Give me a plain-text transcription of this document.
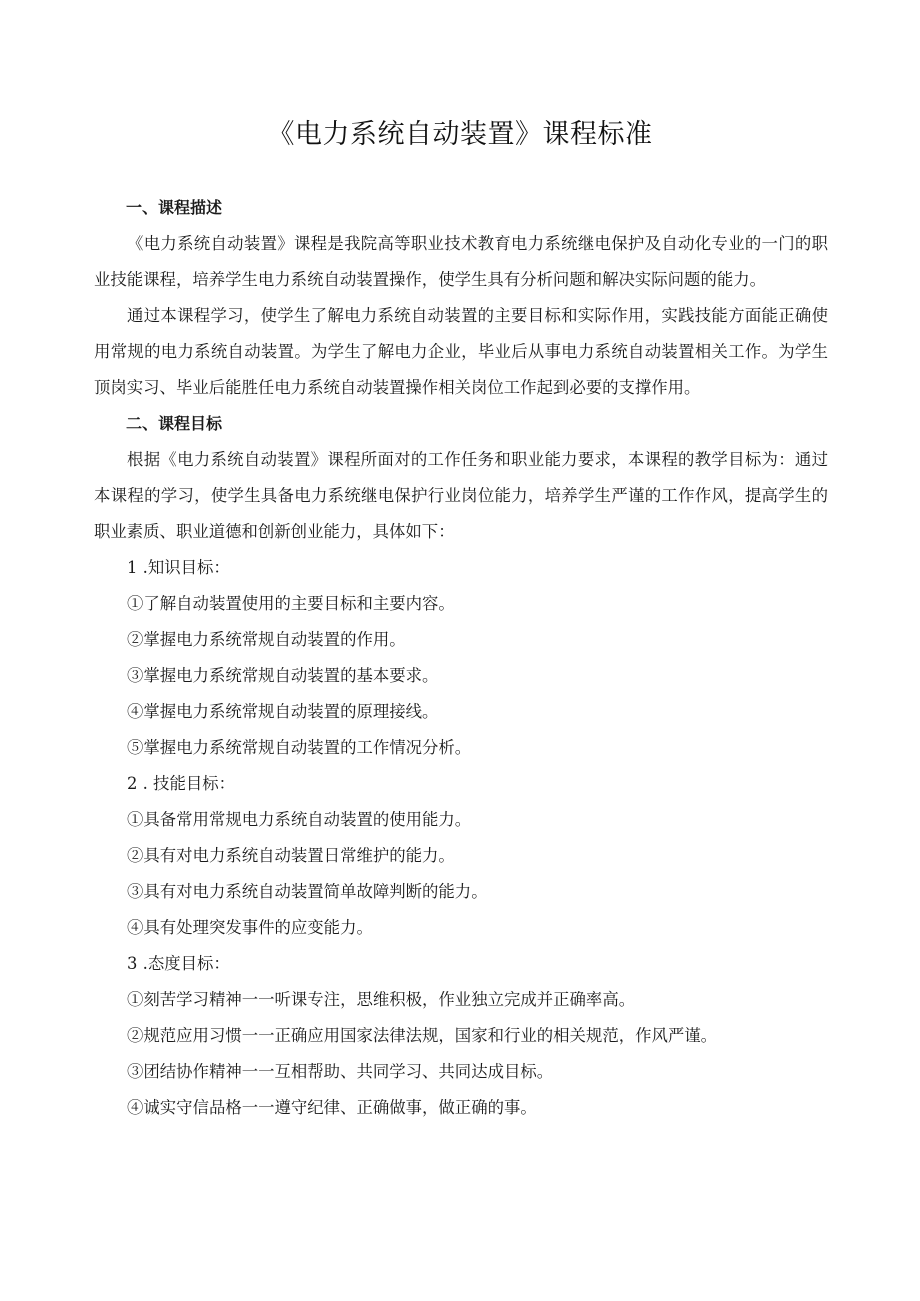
《电力系统自动装置》课程标准

一、课程描述

《电力系统自动装置》课程是我院高等职业技术教育电力系统继电保护及自动化专业的一门的职业技能课程，培养学生电力系统自动装置操作，使学生具有分析问题和解决实际问题的能力。

通过本课程学习，使学生了解电力系统自动装置的主要目标和实际作用，实践技能方面能正确使用常规的电力系统自动装置。为学生了解电力企业，毕业后从事电力系统自动装置相关工作。为学生顶岗实习、毕业后能胜任电力系统自动装置操作相关岗位工作起到必要的支撑作用。

二、课程目标

根据《电力系统自动装置》课程所面对的工作任务和职业能力要求，本课程的教学目标为：通过本课程的学习，使学生具备电力系统继电保护行业岗位能力，培养学生严谨的工作作风，提高学生的职业素质、职业道德和创新创业能力，具体如下：

1 .知识目标：

①了解自动装置使用的主要目标和主要内容。

②掌握电力系统常规自动装置的作用。

③掌握电力系统常规自动装置的基本要求。

④掌握电力系统常规自动装置的原理接线。

⑤掌握电力系统常规自动装置的工作情况分析。

2 . 技能目标：

①具备常用常规电力系统自动装置的使用能力。

②具有对电力系统自动装置日常维护的能力。

③具有对电力系统自动装置简单故障判断的能力。

④具有处理突发事件的应变能力。

3 .态度目标：

①刻苦学习精神一一听课专注，思维积极，作业独立完成并正确率高。

②规范应用习惯一一正确应用国家法律法规，国家和行业的相关规范，作风严谨。

③团结协作精神一一互相帮助、共同学习、共同达成目标。

④诚实守信品格一一遵守纪律、正确做事，做正确的事。
